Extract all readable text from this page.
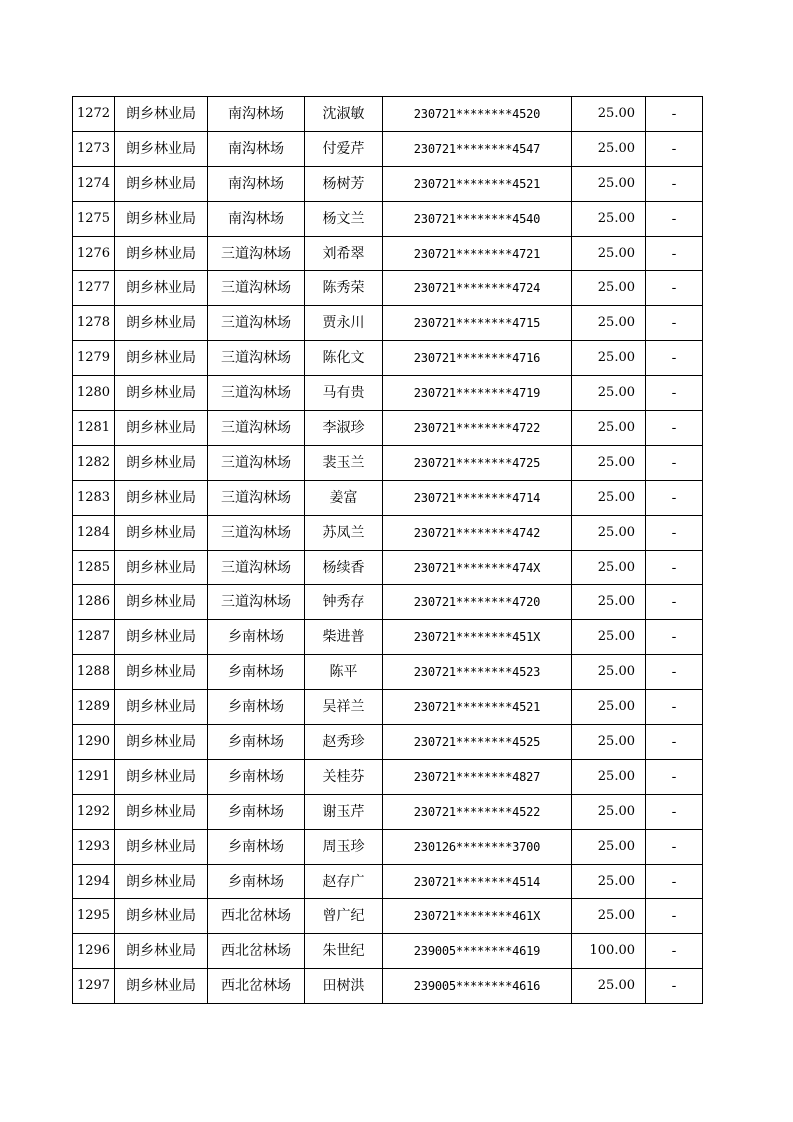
1272	朗乡林业局	南沟林场	沈淑敏	230721********4520	25.00	-
1273	朗乡林业局	南沟林场	付爱芹	230721********4547	25.00	-
1274	朗乡林业局	南沟林场	杨树芳	230721********4521	25.00	-
1275	朗乡林业局	南沟林场	杨文兰	230721********4540	25.00	-
1276	朗乡林业局	三道沟林场	刘希翠	230721********4721	25.00	-
1277	朗乡林业局	三道沟林场	陈秀荣	230721********4724	25.00	-
1278	朗乡林业局	三道沟林场	贾永川	230721********4715	25.00	-
1279	朗乡林业局	三道沟林场	陈化文	230721********4716	25.00	-
1280	朗乡林业局	三道沟林场	马有贵	230721********4719	25.00	-
1281	朗乡林业局	三道沟林场	李淑珍	230721********4722	25.00	-
1282	朗乡林业局	三道沟林场	裴玉兰	230721********4725	25.00	-
1283	朗乡林业局	三道沟林场	姜富	230721********4714	25.00	-
1284	朗乡林业局	三道沟林场	苏凤兰	230721********4742	25.00	-
1285	朗乡林业局	三道沟林场	杨续香	230721********474X	25.00	-
1286	朗乡林业局	三道沟林场	钟秀存	230721********4720	25.00	-
1287	朗乡林业局	乡南林场	柴进普	230721********451X	25.00	-
1288	朗乡林业局	乡南林场	陈平	230721********4523	25.00	-
1289	朗乡林业局	乡南林场	吴祥兰	230721********4521	25.00	-
1290	朗乡林业局	乡南林场	赵秀珍	230721********4525	25.00	-
1291	朗乡林业局	乡南林场	关桂芬	230721********4827	25.00	-
1292	朗乡林业局	乡南林场	谢玉芹	230721********4522	25.00	-
1293	朗乡林业局	乡南林场	周玉珍	230126********3700	25.00	-
1294	朗乡林业局	乡南林场	赵存广	230721********4514	25.00	-
1295	朗乡林业局	西北岔林场	曾广纪	230721********461X	25.00	-
1296	朗乡林业局	西北岔林场	朱世纪	239005********4619	100.00	-
1297	朗乡林业局	西北岔林场	田树洪	239005********4616	25.00	-
